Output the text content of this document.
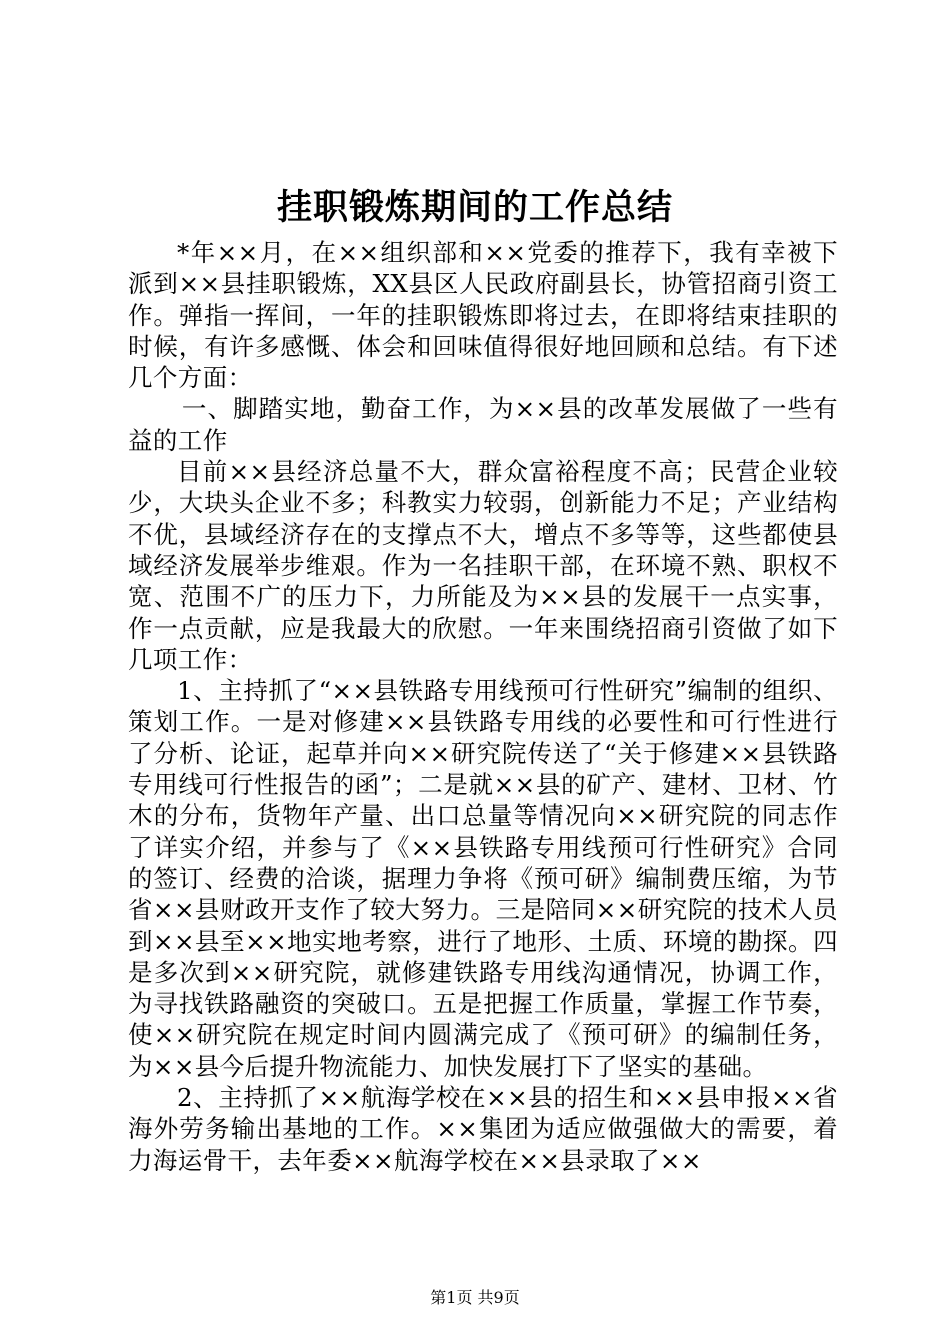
挂职锻炼期间的工作总结

*年××月，在××组织部和××党委的推荐下，我有幸被下派到××县挂职锻炼，XX县区人民政府副县长，协管招商引资工作。弹指一挥间，一年的挂职锻炼即将过去，在即将结束挂职的时候，有许多感慨、体会和回味值得很好地回顾和总结。有下述几个方面：

一、脚踏实地，勤奋工作，为××县的改革发展做了一些有益的工作

目前××县经济总量不大，群众富裕程度不高；民营企业较少，大块头企业不多；科教实力较弱，创新能力不足；产业结构不优，县域经济存在的支撑点不大，增点不多等等，这些都使县域经济发展举步维艰。作为一名挂职干部，在环境不熟、职权不宽、范围不广的压力下，力所能及为××县的发展干一点实事，作一点贡献，应是我最大的欣慰。一年来围绕招商引资做了如下几项工作：

1、主持抓了“××县铁路专用线预可行性研究”编制的组织、策划工作。一是对修建××县铁路专用线的必要性和可行性进行了分析、论证，起草并向××研究院传送了“关于修建××县铁路专用线可行性报告的函”；二是就××县的矿产、建材、卫材、竹木的分布，货物年产量、出口总量等情况向××研究院的同志作了详实介绍，并参与了《××县铁路专用线预可行性研究》合同的签订、经费的洽谈，据理力争将《预可研》编制费压缩，为节省××县财政开支作了较大努力。三是陪同××研究院的技术人员到××县至××地实地考察，进行了地形、土质、环境的勘探。四是多次到××研究院，就修建铁路专用线沟通情况，协调工作，为寻找铁路融资的突破口。五是把握工作质量，掌握工作节奏，使××研究院在规定时间内圆满完成了《预可研》的编制任务，为××县今后提升物流能力、加快发展打下了坚实的基础。

2、主持抓了××航海学校在××县的招生和××县申报××省海外劳务输出基地的工作。××集团为适应做强做大的需要，着力海运骨干，去年委××航海学校在××县录取了××

第1页 共9页
